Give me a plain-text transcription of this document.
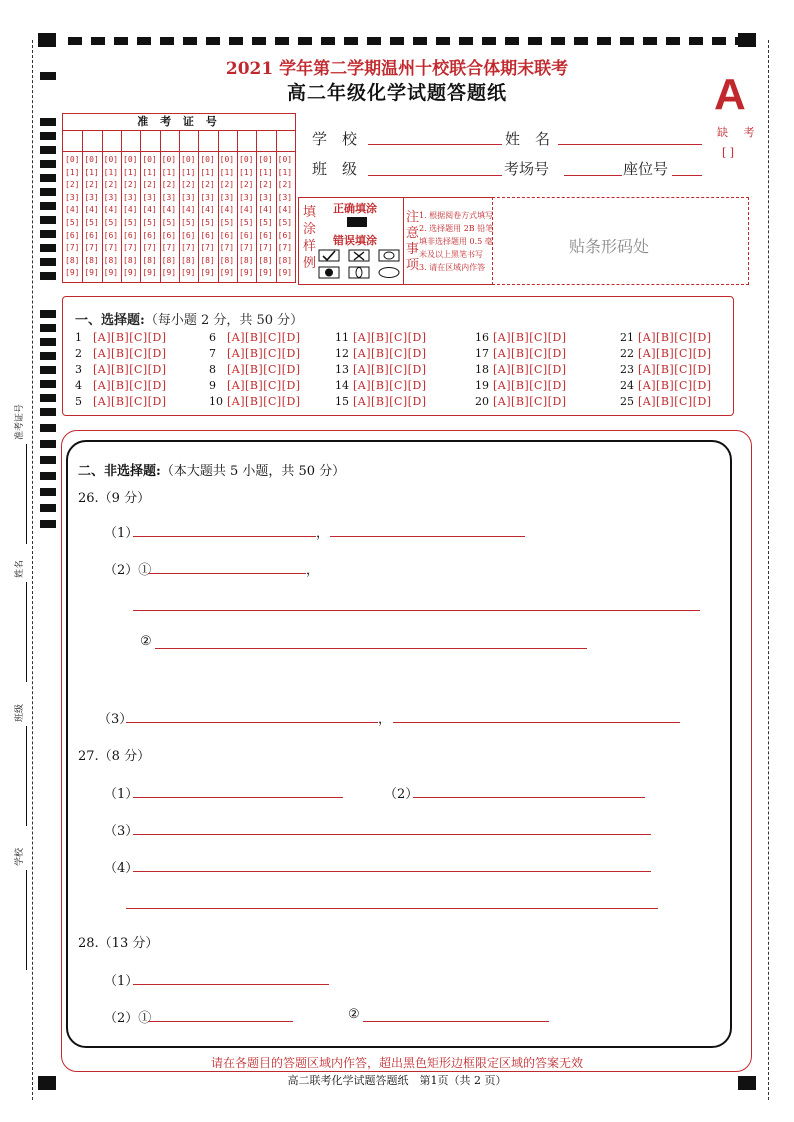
2021 学年第二学期温州十校联合体期末联考
高二年级化学试题答题纸	A
缺 考
[ ]
准 考 证 号
[0] [0] [0] [0] [0] [0] [0] [0] [0] [0] [0] [0]
[1] [1] [1] [1] [1] [1] [1] [1] [1] [1] [1] [1]
[2] [2] [2] [2] [2] [2] [2] [2] [2] [2] [2] [2]
[3] [3] [3] [3] [3] [3] [3] [3] [3] [3] [3] [3]
[4] [4] [4] [4] [4] [4] [4] [4] [4] [4] [4] [4]
[5] [5] [5] [5] [5] [5] [5] [5] [5] [5] [5] [5]
[6] [6] [6] [6] [6] [6] [6] [6] [6] [6] [6] [6]
[7] [7] [7] [7] [7] [7] [7] [7] [7] [7] [7] [7]
[8] [8] [8] [8] [8] [8] [8] [8] [8] [8] [8] [8]
[9] [9] [9] [9] [9] [9] [9] [9] [9] [9] [9] [9]
学　校	姓　名
班　级	考场号	座位号
填
涂
样
例
正确填涂
错误填涂
注
意
事
项
1. 根据阅卷方式填写
2. 选择题用 2B 铅笔
填非选择题用 0.5 毫
米及以上黑笔书写
3. 请在区域内作答
贴条形码处
一、选择题:（每小题 2 分，共 50 分）
1 [A][B][C][D]
2 [A][B][C][D]
3 [A][B][C][D]
4 [A][B][C][D]
5 [A][B][C][D]
6 [A][B][C][D]
7 [A][B][C][D]
8 [A][B][C][D]
9 [A][B][C][D]
10 [A][B][C][D]
11 [A][B][C][D]
12 [A][B][C][D]
13 [A][B][C][D]
14 [A][B][C][D]
15 [A][B][C][D]
16 [A][B][C][D]
17 [A][B][C][D]
18 [A][B][C][D]
19 [A][B][C][D]
20 [A][B][C][D]
21 [A][B][C][D]
22 [A][B][C][D]
23 [A][B][C][D]
24 [A][B][C][D]
25 [A][B][C][D]
二、非选择题:（本大题共 5 小题，共 50 分）
26.（9 分）
（1）	，
（2）①	，
②
（3）	，
27.（8 分）
（1）	（2）
（3）
（4）
28.（13 分）
（1）
（2）①	②
请在各题目的答题区域内作答，超出黑色矩形边框限定区域的答案无效
高二联考化学试题答题纸　第1页（共 2 页）
准考证号
姓名
班级
学校
